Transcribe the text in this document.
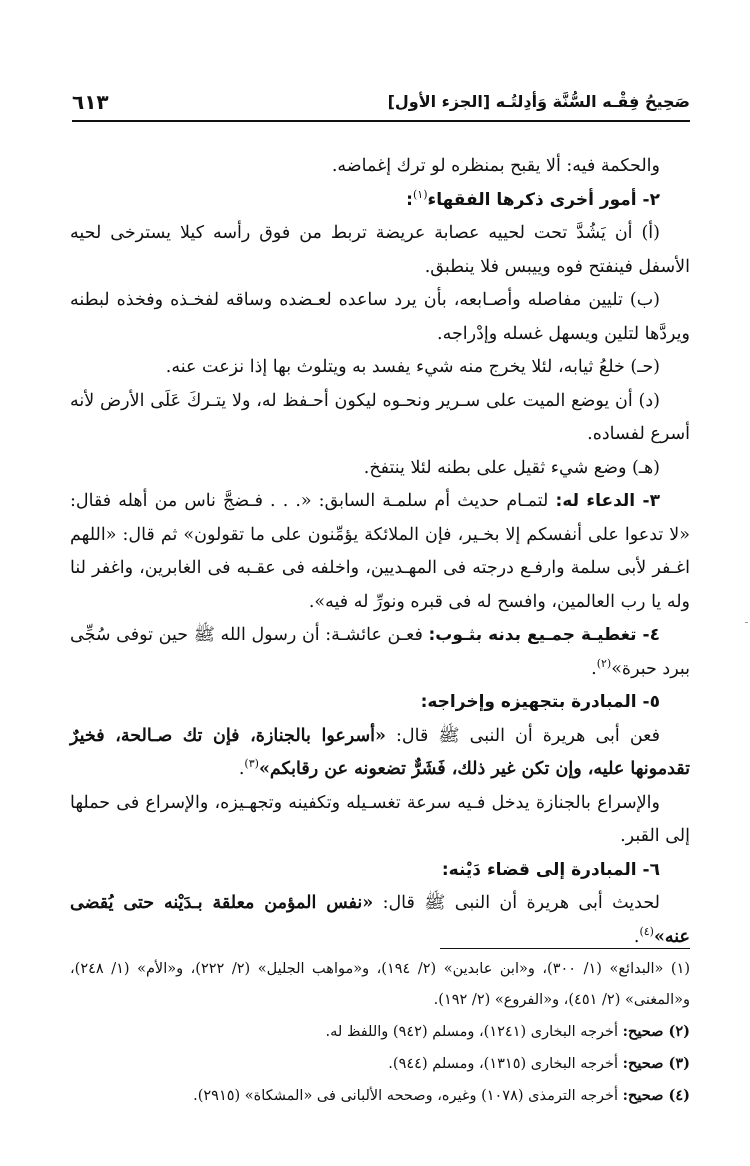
صَحِيحُ فِقْـه السُّنَّة وَأدِلتُـه [الجزء الأول]
٦١٣

والحكمة فيه: ألا يقبح بمنظره لو ترك إغماضه.

٢- أمور أخرى ذكرها الفقهاء$^{(١)}$:

(أ) أن يَشُدَّ تحت لحييه عصابة عريضة تربط من فوق رأسه كيلا يسترخى لحيه الأسفل فينفتح فوه وييبس فلا ينطبق.

(ب) تليين مفاصله وأصـابعه، بأن يرد ساعده لعـضده وساقه لفخـذه وفخذه لبطنه ويردَّها لتلين ويسهل غسله وإدْراجه.

(حـ) خلعُ ثيابه، لئلا يخرج منه شيء يفسد به ويتلوث بها إذا نزعت عنه.

(د) أن يوضع الميت على سـرير ونحـوه ليكون أحـفظ له، ولا يتـركَ عَلَى الأرض لأنه أسرع لفساده.

(هـ) وضع شيء ثقيل على بطنه لئلا ينتفخ.

٣- الدعاء له: لتمـام حديث أم سلمـة السابق: «. . . فـضجَّ ناس من أهله فقال: «لا تدعوا على أنفسكم إلا بخـير، فإن الملائكة يؤمِّنون على ما تقولون» ثم قال: «اللهم اغـفر لأبى سلمة وارفـع درجته فى المهـديين، واخلفه فى عقـبه فى الغابرين، واغفر لنا وله يا رب العالمين، وافسح له فى قبره ونورِّ له فيه».

٤- تغطيـة جمـيع بدنه بثـوب: فعـن عائشـة: أن رسول الله ﷺ حين توفى سُجِّى ببرد حبرة»$^{(٢)}$.

٥- المبادرة بتجهيزه وإخراجه:

فعن أبى هريرة أن النبى ﷺ قال: «أسرعوا بالجنازة، فإن تك صـالحة، فخيرٌ تقدمونها عليه، وإن تكن غير ذلك، فَشَرٌّ تضعونه عن رقابكم»$^{(٣)}$.

والإسراع بالجنازة يدخل فـيه سرعة تغسـيله وتكفينه وتجهـيزه، والإسراع فى حملها إلى القبر.

٦- المبادرة إلى قضاء دَيْنه:

لحديث أبى هريرة أن النبى ﷺ قال: «نفس المؤمن معلقة بـدَيْنه حتى يُقضى عنه»$^{(٤)}$.

(١) «البدائع» (١/ ٣٠٠)، و«ابن عابدين» (٢/ ١٩٤)، و«مواهب الجليل» (٢/ ٢٢٢)، و«الأم» (١/ ٢٤٨)، و«المغنى» (٢/ ٤٥١)، و«الفروع» (٢/ ١٩٢).

(٢) صحيح: أخرجه البخارى (١٢٤١)، ومسلم (٩٤٢) واللفظ له.

(٣) صحيح: أخرجه البخارى (١٣١٥)، ومسلم (٩٤٤).

(٤) صحيح: أخرجه الترمذى (١٠٧٨) وغيره، وصححه الألبانى فى «المشكاة» (٢٩١٥).
